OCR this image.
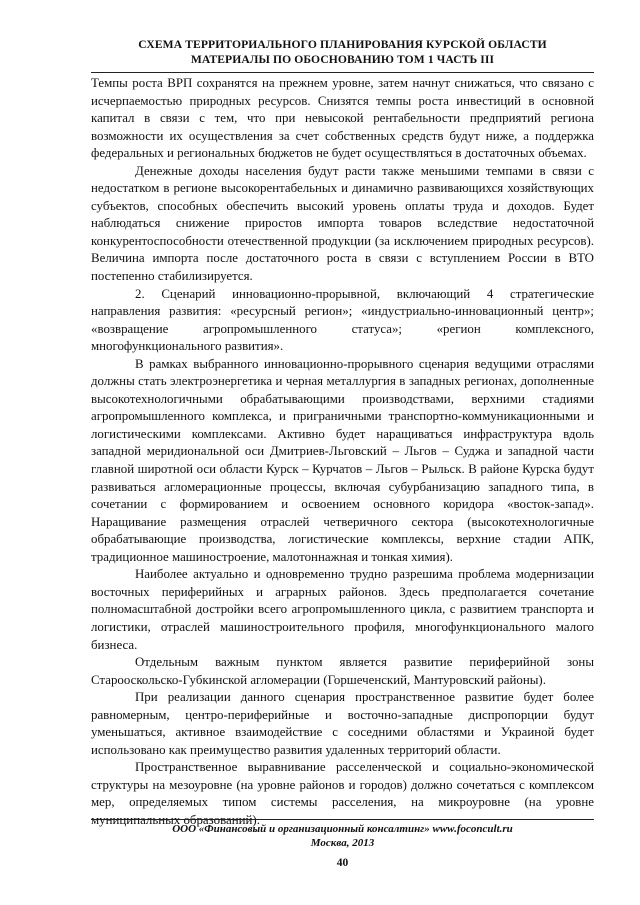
СХЕМА ТЕРРИТОРИАЛЬНОГО ПЛАНИРОВАНИЯ КУРСКОЙ ОБЛАСТИ
МАТЕРИАЛЫ ПО ОБОСНОВАНИЮ ТОМ 1 ЧАСТЬ III

Темпы роста ВРП сохранятся на прежнем уровне, затем начнут снижаться, что связано с исчерпаемостью природных ресурсов. Снизятся темпы роста инвестиций в основной капитал в связи с тем, что при невысокой рентабельности предприятий региона возможности их осуществления за счет собственных средств будут ниже, а поддержка федеральных и региональных бюджетов не будет осуществляться в достаточных объемах.

Денежные доходы населения будут расти также меньшими темпами в связи с недостатком в регионе высокорентабельных и динамично развивающихся хозяйствующих субъектов, способных обеспечить высокий уровень оплаты труда и доходов. Будет наблюдаться снижение приростов импорта товаров вследствие недостаточной конкурентоспособности отечественной продукции (за исключением природных ресурсов). Величина импорта после достаточного роста в связи с вступлением России в ВТО постепенно стабилизируется.

2. Сценарий инновационно-прорывной, включающий 4 стратегические направления развития: «ресурсный регион»; «индустриально-инновационный центр»; «возвращение агропромышленного статуса»; «регион комплексного, многофункционального развития».

В рамках выбранного инновационно-прорывного сценария ведущими отраслями должны стать электроэнергетика и черная металлургия в западных регионах, дополненные высокотехнологичными обрабатывающими производствами, верхними стадиями агропромышленного комплекса, и приграничными транспортно-коммуникационными и логистическими комплексами. Активно будет наращиваться инфраструктура вдоль западной меридиональной оси Дмитриев-Льговский – Льгов – Суджа и западной части главной широтной оси области Курск – Курчатов – Льгов – Рыльск. В районе Курска будут развиваться агломерационные процессы, включая субурбанизацию западного типа, в сочетании с формированием и освоением основного коридора «восток-запад». Наращивание размещения отраслей четверичного сектора (высокотехнологичные обрабатывающие производства, логистические комплексы, верхние стадии АПК, традиционное машиностроение, малотоннажная и тонкая химия).

Наиболее актуально и одновременно трудно разрешима проблема модернизации восточных периферийных и аграрных районов. Здесь предполагается сочетание полномасштабной достройки всего агропромышленного цикла, с развитием транспорта и логистики, отраслей машиностроительного профиля, многофункционального малого бизнеса.

Отдельным важным пунктом является развитие периферийной зоны Старооскольско-Губкинской агломерации (Горшеченский, Мантуровский районы).

При реализации данного сценария пространственное развитие будет более равномерным, центро-периферийные и восточно-западные диспропорции будут уменьшаться, активное взаимодействие с соседними областями и Украиной будет использовано как преимущество развития удаленных территорий области.

Пространственное выравнивание расселенческой и социально-экономической структуры на мезоуровне (на уровне районов и городов) должно сочетаться с комплексом мер, определяемых типом системы расселения, на микроуровне (на уровне муниципальных образований).

ООО «Финансовый и организационный консалтинг» www.foconcult.ru
Москва, 2013
40
